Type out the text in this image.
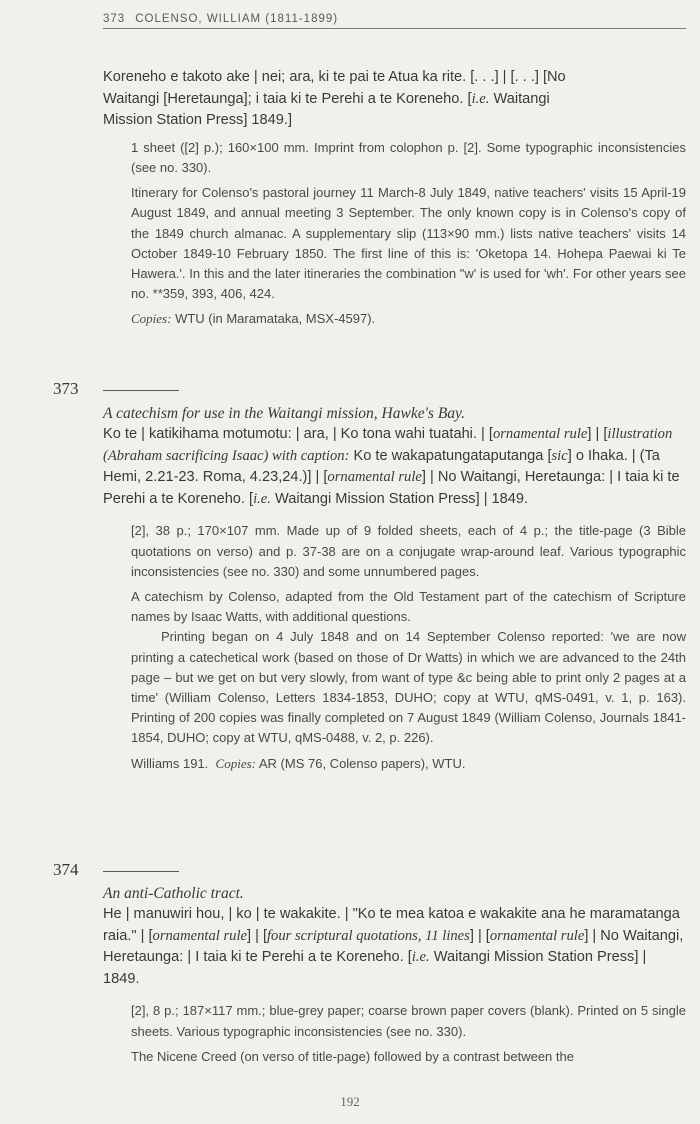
373 COLENSO, WILLIAM (1811-1899)
Koreneho e takoto ake | nei; ara, ki te pai te Atua ka rite. [. . .] | [. . .] [No
Waitangi [Heretaunga]; i taia ki te Perehi a te Koreneho. [i.e. Waitangi
Mission Station Press] 1849.]

1 sheet ([2] p.); 160×100 mm. Imprint from colophon p. [2]. Some typographic inconsistencies (see no. 330).

Itinerary for Colenso's pastoral journey 11 March-8 July 1849, native teachers' visits 15 April-19 August 1849, and annual meeting 3 September. The only known copy is in Colenso's copy of the 1849 church almanac. A supplementary slip (113×90 mm.) lists native teachers' visits 14 October 1849-10 February 1850. The first line of this is: 'Oketopa 14. Hohepa Paewai ki Te Hawera.'. In this and the later itineraries the combination "w' is used for 'wh'. For other years see no. **359, 393, 406, 424.

Copies: WTU (in Maramataka, MSX-4597).

373
A catechism for use in the Waitangi mission, Hawke's Bay.
Ko te | katikihama motumotu: | ara, | Ko tona wahi tuatahi. | [ornamental rule] | [illustration (Abraham sacrificing Isaac) with caption: Ko te wakapatungataputanga [sic] o Ihaka. | (Ta Hemi, 2.21-23. Roma, 4.23,24.)] | [ornamental rule] | No Waitangi, Heretaunga: | I taia ki te Perehi a te Koreneho. [i.e. Waitangi Mission Station Press] | 1849.

[2], 38 p.; 170×107 mm. Made up of 9 folded sheets, each of 4 p.; the title-page (3 Bible quotations on verso) and p. 37-38 are on a conjugate wrap-around leaf. Various typographic inconsistencies (see no. 330) and some unnumbered pages.

A catechism by Colenso, adapted from the Old Testament part of the catechism of Scripture names by Isaac Watts, with additional questions.

Printing began on 4 July 1848 and on 14 September Colenso reported: 'we are now printing a catechetical work (based on those of Dr Watts) in which we are advanced to the 24th page – but we get on but very slowly, from want of type &c being able to print only 2 pages at a time' (William Colenso, Letters 1834-1853, DUHO; copy at WTU, qMS-0491, v. 1, p. 163). Printing of 200 copies was finally completed on 7 August 1849 (William Colenso, Journals 1841-1854, DUHO; copy at WTU, qMS-0488, v. 2, p. 226).

Williams 191. Copies: AR (MS 76, Colenso papers), WTU.

374
An anti-Catholic tract.
He | manuwiri hou, | ko | te wakakite. | "Ko te mea katoa e wakakite ana he maramatanga raia." | [ornamental rule] | [four scriptural quotations, 11 lines] | [ornamental rule] | No Waitangi, Heretaunga: | I taia ki te Perehi a te Koreneho. [i.e. Waitangi Mission Station Press] | 1849.

[2], 8 p.; 187×117 mm.; blue-grey paper; coarse brown paper covers (blank). Printed on 5 single sheets. Various typographic inconsistencies (see no. 330).

The Nicene Creed (on verso of title-page) followed by a contrast between the

192
